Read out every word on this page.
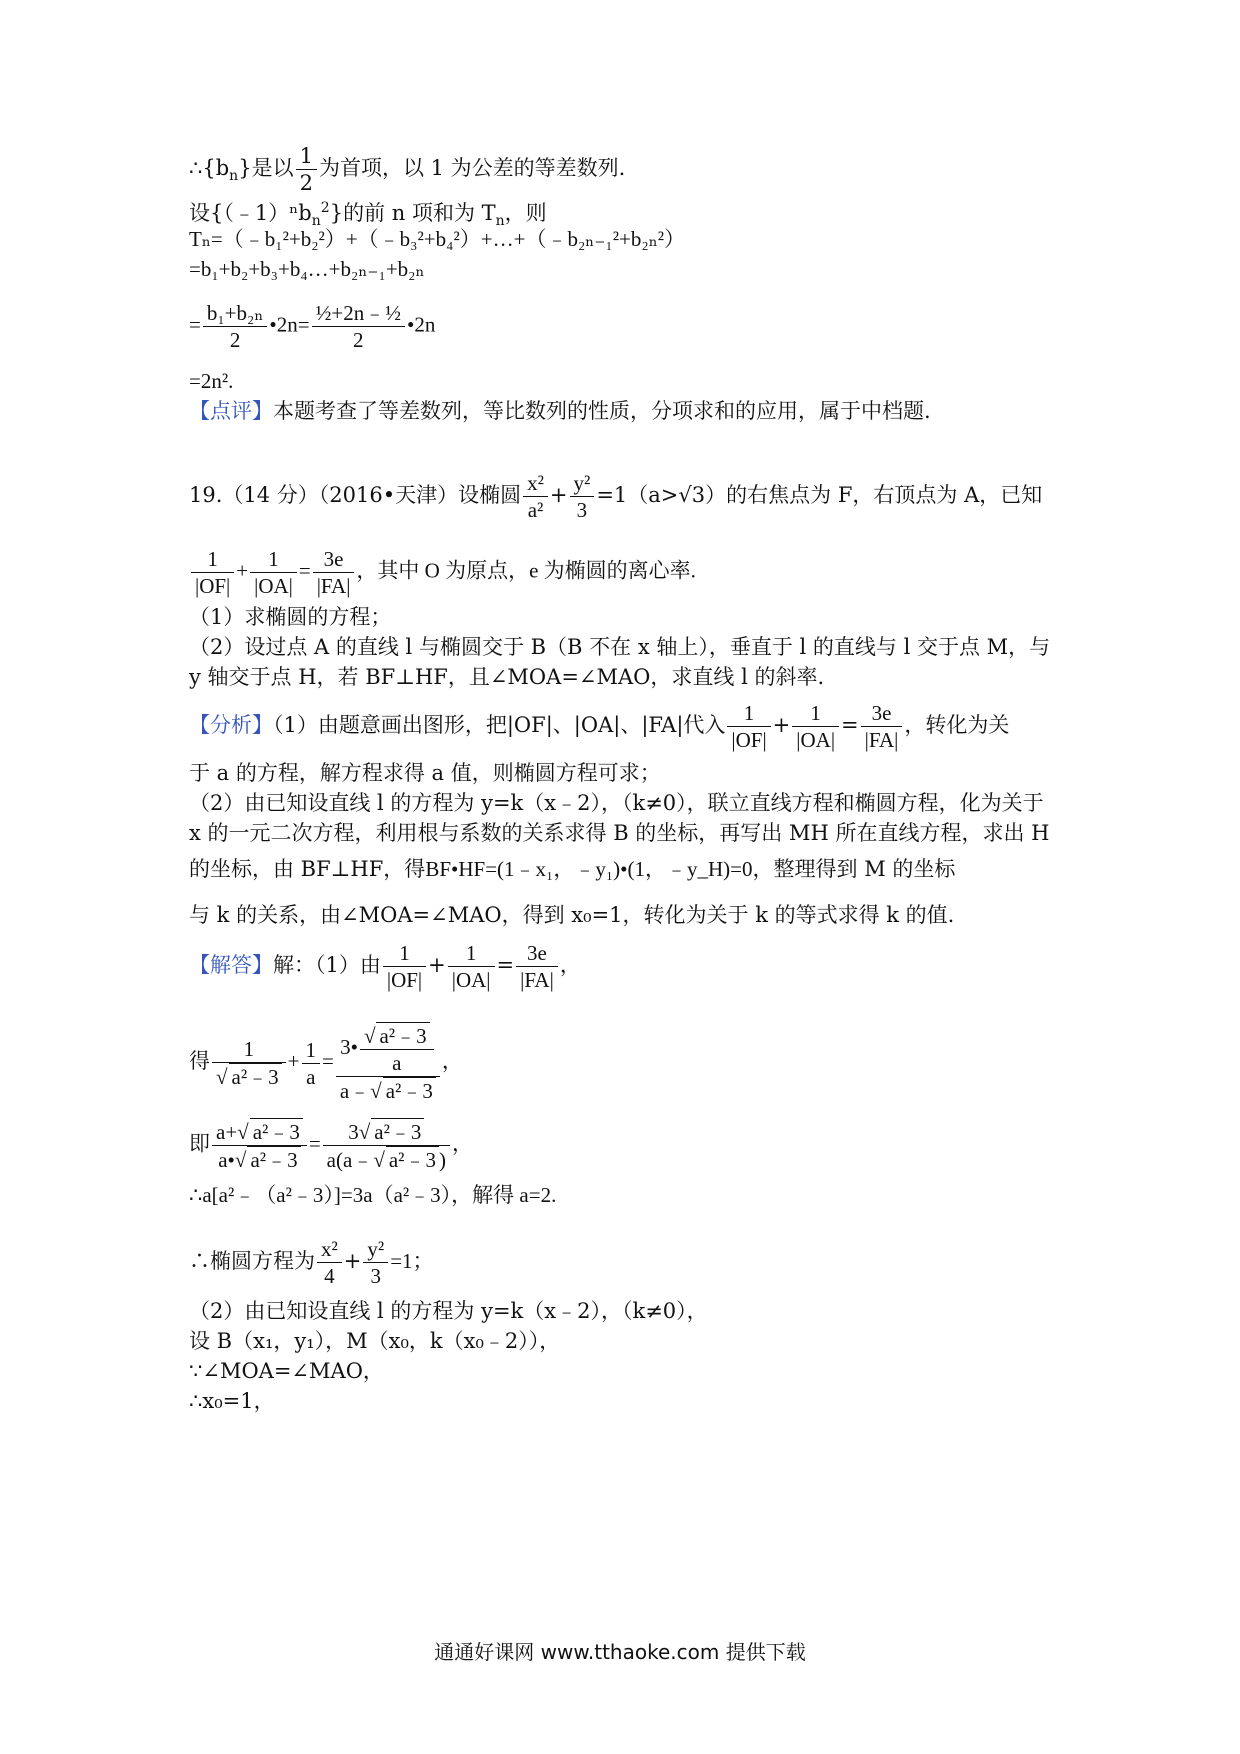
$\therefore\{b_n\}$是以 $\frac{1}{2}$ 为首项，以 1 为公差的等差数列.
设{（﹣1）ⁿb$_n^2$}的前 n 项和为 $T_n$，则
Tₙ=（﹣b₁²+b₂²）+（﹣b₃²+b₄²）+…+（﹣b₂ₙ₋₁²+b₂ₙ²）
=b₁+b₂+b₃+b₄…+b₂ₙ₋₁+b₂ₙ
= $\frac{\text{b₁+b₂ₙ}}{2}$ •2n= $\frac{\text{½+2n﹣½}}{2}$ •2n
=2n².
【点评】本题考查了等差数列，等比数列的性质，分项求和的应用，属于中档题.
19.（14 分）（2016•天津）设椭圆 $\frac{\text{x²}}{\text{a²}} + \frac{\text{y²}}{3} =1(a>√3)$的右焦点为 F，右顶点为 A，已知
$\frac{1}{|OF|} + \frac{1}{|OA|} = \frac{3e}{|FA|}$ ，其中 O 为原点，e 为椭圆的离心率.
（1）求椭圆的方程；
（2）设过点 A 的直线 l 与椭圆交于 B（B 不在 x 轴上），垂直于 l 的直线与 l 交于点 M，与
y 轴交于点 H，若 BF⊥HF，且∠MOA=∠MAO，求直线 l 的斜率.
【分析】（1）由题意画出图形，把|OF|、|OA|、|FA|代入 $\frac{1}{|OF|} + \frac{1}{|OA|} = \frac{3e}{|FA|}$ ，转化为关
于 a 的方程，解方程求得 a 值，则椭圆方程可求；
（2）由已知设直线 l 的方程为 y=k（x﹣2），（k≠0），联立直线方程和椭圆方程，化为关于
x 的一元二次方程，利用根与系数的关系求得 B 的坐标，再写出 MH 所在直线方程，求出 H
的坐标，由 BF⊥HF，得BF•HF=(1﹣x₁，﹣y₁)•(1，﹣y_H)=0，整理得到 M 的坐标
与 k 的关系，由∠MOA=∠MAO，得到 x₀=1，转化为关于 k 的等式求得 k 的值.
【解答】解：（1）由 $\frac{1}{|OF|} + \frac{1}{|OA|} = \frac{3e}{|FA|}$ ，
得 $\frac{1}{\text{√ a²﹣3}} + \frac{1}{a} = \frac{3• \frac{\text{√ a²﹣3}}{a}}{\text{a﹣√ a²﹣3}}$ ，
即 $\frac{\text{a+√ a²﹣3}}{\text{a•√ a²﹣3}} = \frac{\text{3√ a²﹣3}}{\text{a(a﹣√ a²﹣3 )}}$ ，
∴a[a²﹣（a²﹣3）]=3a（a²﹣3），解得 a=2.
∴椭圆方程为 $\frac{\text{x²}}{4} + \frac{\text{y²}}{3} =1$；
（2）由已知设直线 l 的方程为 y=k（x﹣2），（k≠0），
设 B（x₁，y₁），M（x₀，k（x₀﹣2）），
∵∠MOA=∠MAO，
∴x₀=1，
通通好课网 www.tthaoke.com 提供下载
